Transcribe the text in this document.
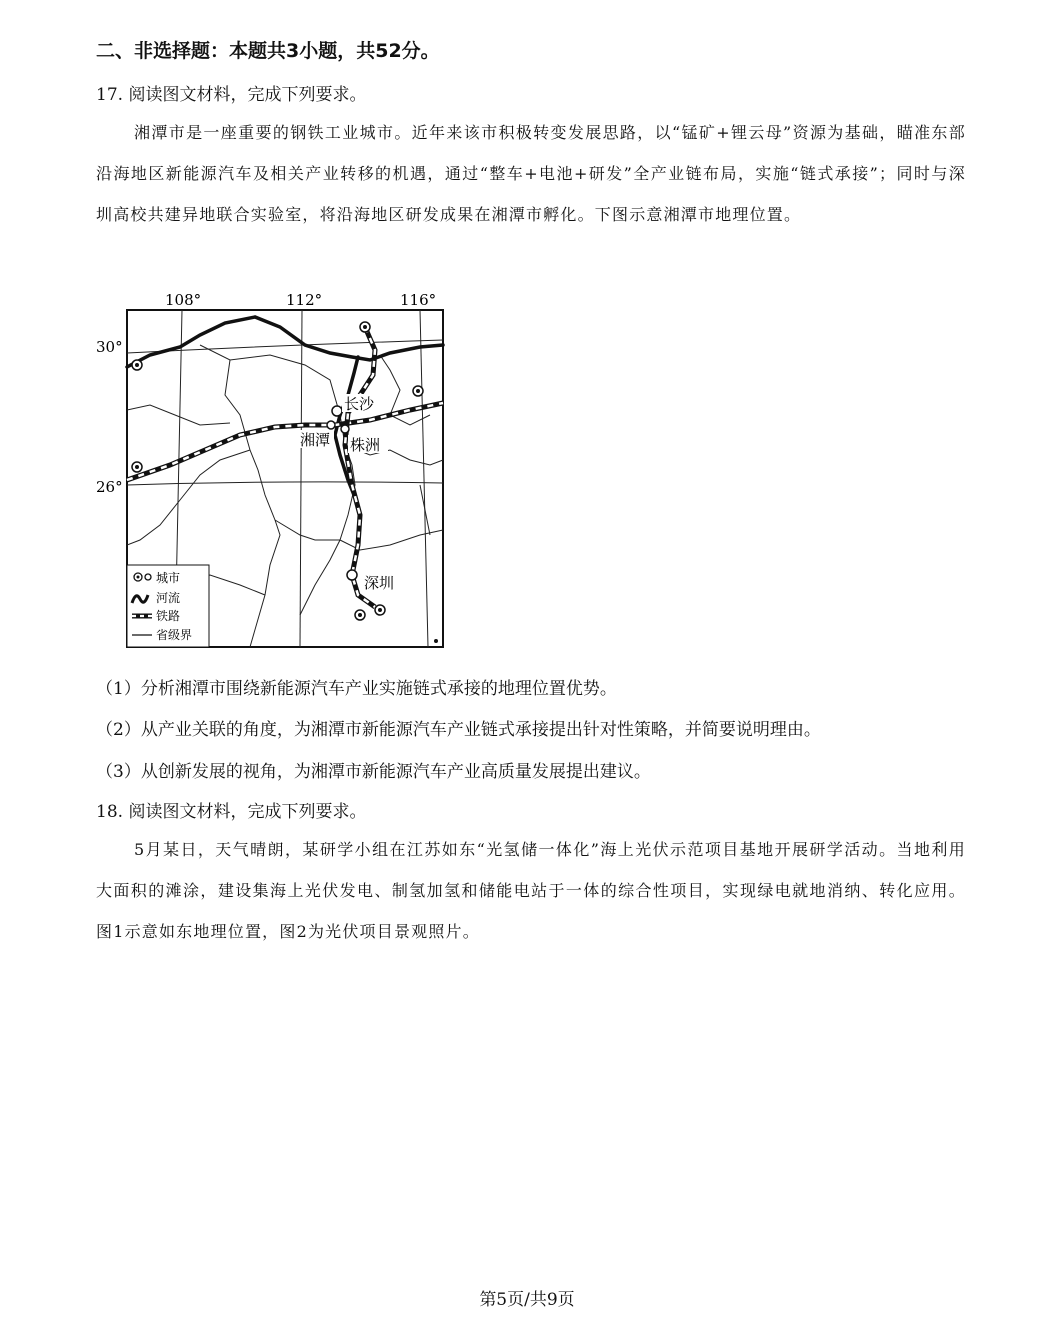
二、非选择题：本题共3小题，共52分。
17. 阅读图文材料，完成下列要求。
湘潭市是一座重要的钢铁工业城市。近年来该市积极转变发展思路，以“锰矿+锂云母”资源为基础，瞄准东部沿海地区新能源汽车及相关产业转移的机遇，通过“整车+电池+研发”全产业链布局，实施“链式承接”；同时与深圳高校共建异地联合实验室，将沿海地区研发成果在湘潭市孵化。下图示意湘潭市地理位置。
108°	112°	116°
30°
26°
长沙
湘潭 株洲
深圳
城市
河流
铁路
省级界
（1）分析湘潭市围绕新能源汽车产业实施链式承接的地理位置优势。
（2）从产业关联的角度，为湘潭市新能源汽车产业链式承接提出针对性策略，并简要说明理由。
（3）从创新发展的视角，为湘潭市新能源汽车产业高质量发展提出建议。
18. 阅读图文材料，完成下列要求。
5月某日，天气晴朗，某研学小组在江苏如东“光氢储一体化”海上光伏示范项目基地开展研学活动。当地利用大面积的滩涂，建设集海上光伏发电、制氢加氢和储能电站于一体的综合性项目，实现绿电就地消纳、转化应用。图1示意如东地理位置，图2为光伏项目景观照片。
第5页/共9页
